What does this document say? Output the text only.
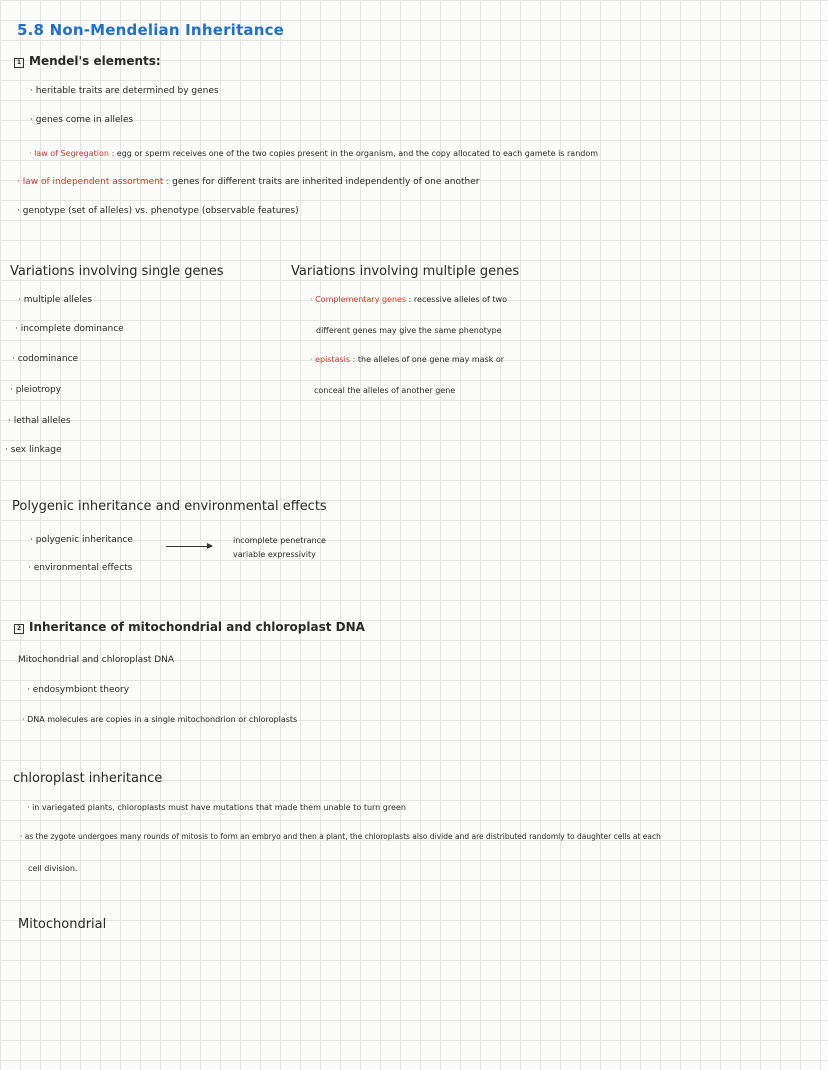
5.8 Non-Mendelian Inheritance
1 Mendel's elements:
· heritable traits are determined by genes
· genes come in alleles
· law of Segregation : egg or sperm receives one of the two copies present in the organism, and the copy allocated to each gamete is random
· law of independent assortment : genes for different traits are inherited independently of one another
· genotype (set of alleles) vs. phenotype (observable features)
Variations involving single genes
· multiple alleles
· incomplete dominance
· codominance
· pleiotropy
· lethal alleles
· sex linkage
Variations involving multiple genes
· Complementary genes : recessive alleles of two
different genes may give the same phenotype
· epistasis : the alleles of one gene may mask or
conceal the alleles of another gene
Polygenic inheritance and environmental effects
· polygenic inheritance
· environmental effects
incomplete penetrance
variable expressivity
2 Inheritance of mitochondrial and chloroplast DNA
Mitochondrial and chloroplast DNA
· endosymbiont theory
· DNA molecules are copies in a single mitochondrion or chloroplasts
chloroplast inheritance
· in variegated plants, chloroplasts must have mutations that made them unable to turn green
· as the zygote undergoes many rounds of mitosis to form an embryo and then a plant, the chloroplasts also divide and are distributed randomly to daughter cells at each
cell division.
Mitochondrial
